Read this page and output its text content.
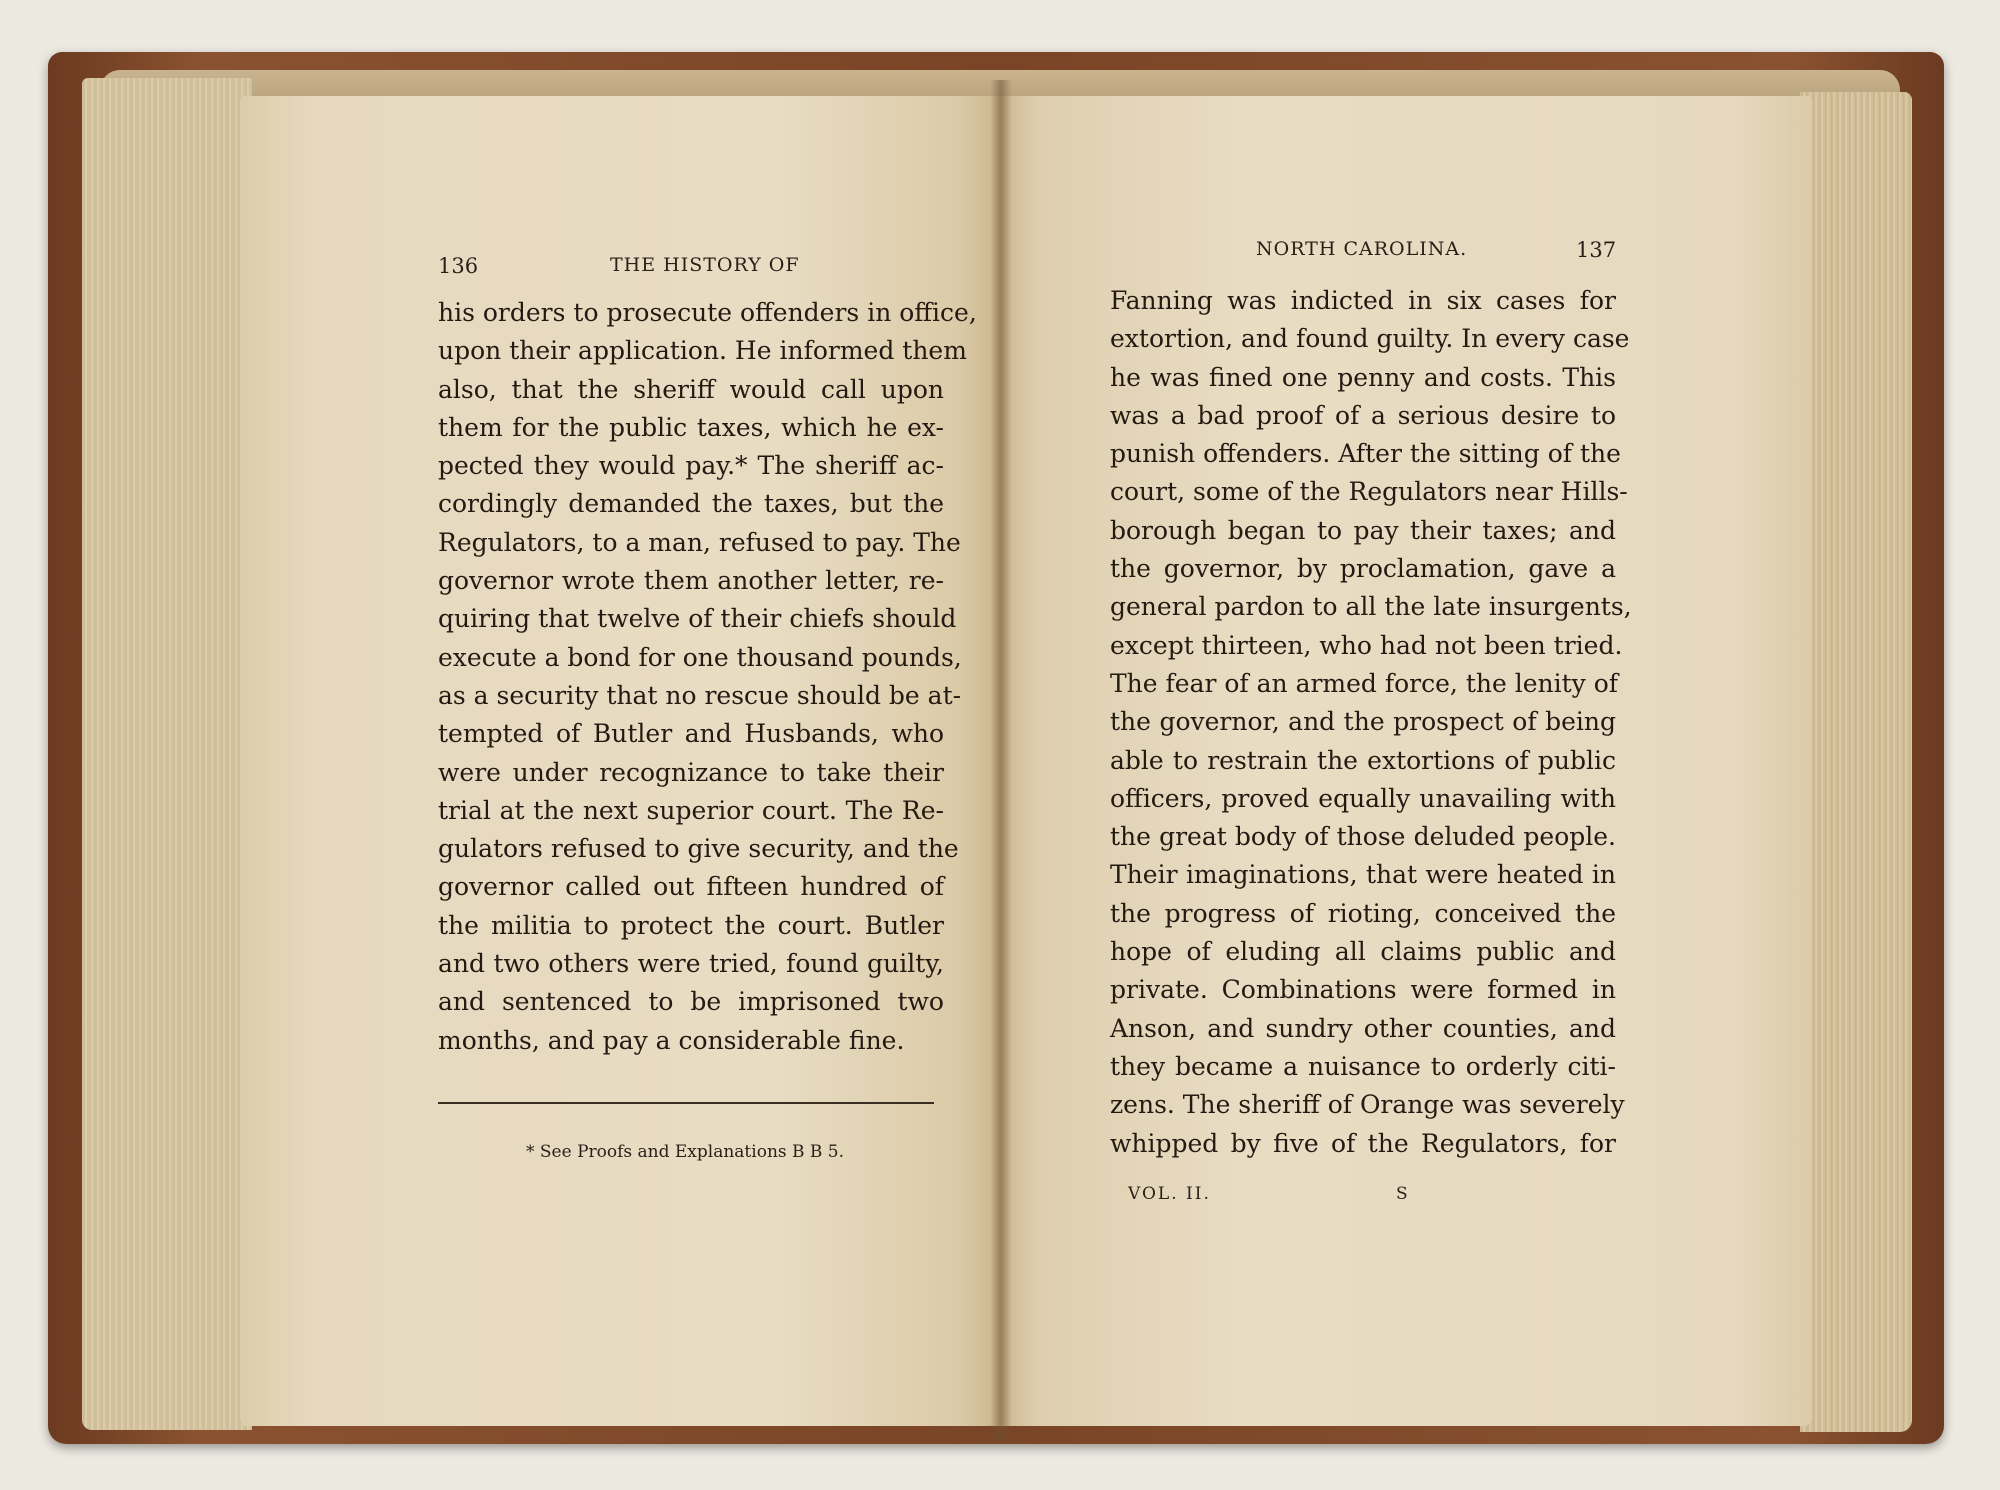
136	THE HISTORY OF
his orders to prosecute offenders in office,
upon their application. He informed them
also, that the sheriff would call upon
them for the public taxes, which he ex-
pected they would pay.* The sheriff ac-
cordingly demanded the taxes, but the
Regulators, to a man, refused to pay. The
governor wrote them another letter, re-
quiring that twelve of their chiefs should
execute a bond for one thousand pounds,
as a security that no rescue should be at-
tempted of Butler and Husbands, who
were under recognizance to take their
trial at the next superior court. The Re-
gulators refused to give security, and the
governor called out fifteen hundred of
the militia to protect the court. Butler
and two others were tried, found guilty,
and sentenced to be imprisoned two
months, and pay a considerable fine.
* See Proofs and Explanations B B 5.
NORTH CAROLINA.	137
Fanning was indicted in six cases for
extortion, and found guilty. In every case
he was fined one penny and costs. This
was a bad proof of a serious desire to
punish offenders. After the sitting of the
court, some of the Regulators near Hills-
borough began to pay their taxes; and
the governor, by proclamation, gave a
general pardon to all the late insurgents,
except thirteen, who had not been tried.
The fear of an armed force, the lenity of
the governor, and the prospect of being
able to restrain the extortions of public
officers, proved equally unavailing with
the great body of those deluded people.
Their imaginations, that were heated in
the progress of rioting, conceived the
hope of eluding all claims public and
private. Combinations were formed in
Anson, and sundry other counties, and
they became a nuisance to orderly citi-
zens. The sheriff of Orange was severely
whipped by five of the Regulators, for
VOL. II.	S
